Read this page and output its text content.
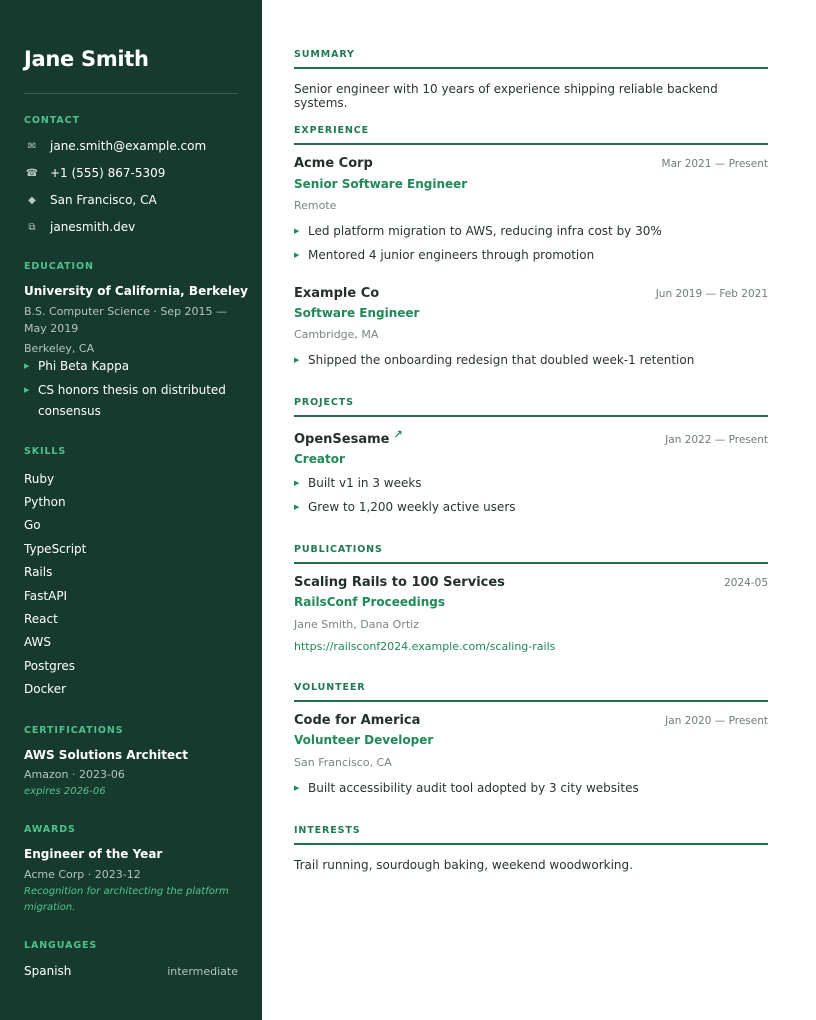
Jane Smith
CONTACT
✉	jane.smith@example.com
☎ +1 (555) 867-5309
◆	San Francisco, CA
⧉	janesmith.dev
EDUCATION
University of California, Berkeley
B.S. Computer Science · Sep 2015 — May 2019
Berkeley, CA
▶ Phi Beta Kappa
▶ CS honors thesis on distributed consensus
SKILLS
Ruby
Python
Go
TypeScript
Rails
FastAPI
React
AWS
Postgres
Docker
CERTIFICATIONS
AWS Solutions Architect
Amazon · 2023-06
expires 2026-06
AWARDS
Engineer of the Year
Acme Corp · 2023-12
Recognition for architecting the platform migration.
LANGUAGES
Spanish	intermediate
SUMMARY
Senior engineer with 10 years of experience shipping reliable backend systems.
EXPERIENCE
Acme Corp	Mar 2021 — Present
Senior Software Engineer
Remote
▶ Led platform migration to AWS, reducing infra cost by 30%
▶ Mentored 4 junior engineers through promotion
Example Co	Jun 2019 — Feb 2021
Software Engineer
Cambridge, MA
▶ Shipped the onboarding redesign that doubled week-1 retention
PROJECTS
OpenSesame ↗	Jan 2022 — Present
Creator
▶ Built v1 in 3 weeks
▶ Grew to 1,200 weekly active users
PUBLICATIONS
Scaling Rails to 100 Services	2024-05
RailsConf Proceedings
Jane Smith, Dana Ortiz
https://railsconf2024.example.com/scaling-rails
VOLUNTEER
Code for America	Jan 2020 — Present
Volunteer Developer
San Francisco, CA
▶ Built accessibility audit tool adopted by 3 city websites
INTERESTS
Trail running, sourdough baking, weekend woodworking.
